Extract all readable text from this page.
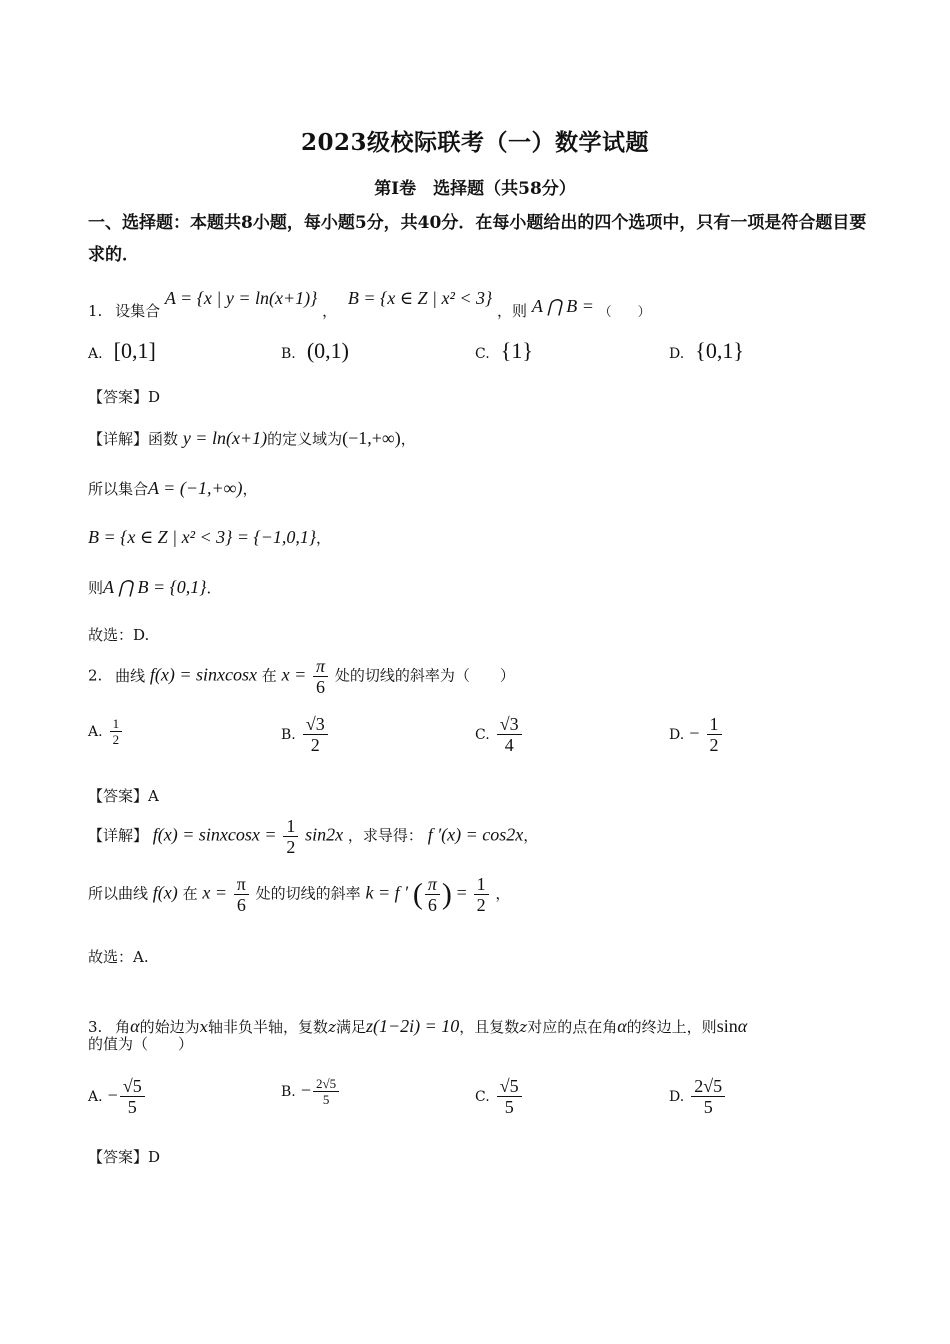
2023级校际联考（一）数学试题
第Ⅰ卷　选择题（共58分）
一、选择题：本题共8小题，每小题5分，共40分．在每小题给出的四个选项中，只有一项是符合题目要求的．
1. 设集合 A = {x | y = ln(x+1)} ， B = {x ∈ Z | x² < 3} ，则 A ⋂ B = （　　）
A. [0,1]	B. (0,1)	C. {1}	D. {0,1}
【答案】D
【详解】函数 y = ln(x+1)的定义域为(−1,+∞)，
所以集合A = (−1,+∞)，
B = {x ∈ Z | x² < 3} = {−1,0,1}，
则A ⋂ B = {0,1}．
故选：D.
2. 曲线 f(x) = sinxcosx 在 $x = \frac{\pi}{6}$ 处的切线的斜率为（　　）
A. $\frac{1}{2}$	B. $\frac{√3}{2}$	C. $\frac{√3}{4}$	D. − $\frac{1}{2}$
【答案】A
【详解】 f(x) = sinxcosx = $\frac{1}{2} \sin 2x$ ，求导得： f ′(x) = cos2x，
所以曲线 f(x) 在 $x = \frac{\pi}{6}$ 处的切线的斜率 k = f ′ ( $\frac{\pi}{6}$ ) = $\frac{1}{2}$ ，
故选：A.
3. 角α的始边为x轴非负半轴，复数z满足z(1−2i) = 10，且复数z对应的点在角α的终边上，则sinα
的值为（　　）
A. − $\frac{√5}{5}$	B. − $\frac{2√5}{5}$	C. $\frac{√5}{5}$	D. $\frac{2√5}{5}$
【答案】D
